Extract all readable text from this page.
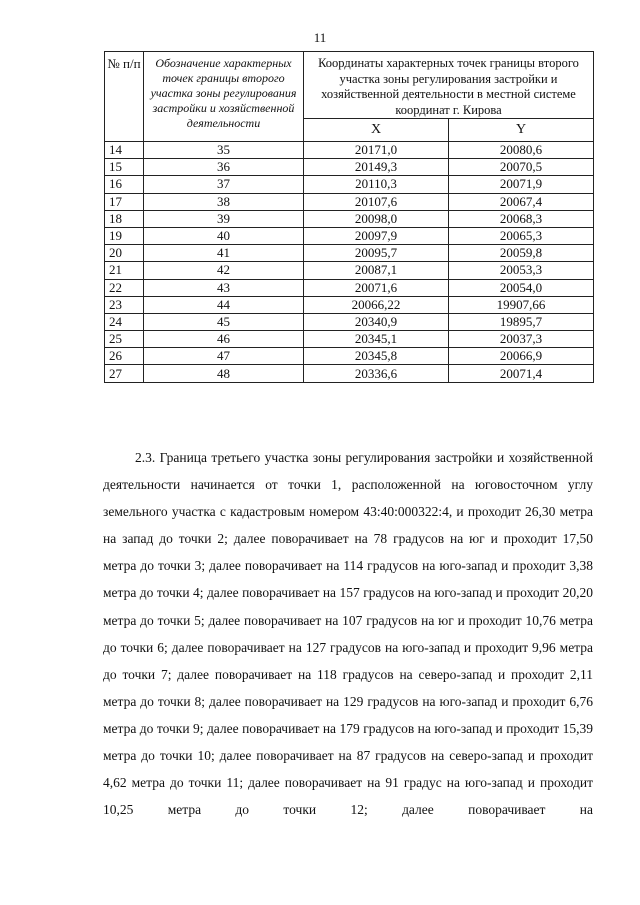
11
№ п/п	Обозначение характерных точек границы второго участка зоны регулирования застройки и хозяйственной деятельности	Координаты характерных точек границы второго участка зоны регулирования застройки и хозяйственной деятельности в местной системе координат г. Кирова	
		X	Y
14	35	20171,0	20080,6
15	36	20149,3	20070,5
16	37	20110,3	20071,9
17	38	20107,6	20067,4
18	39	20098,0	20068,3
19	40	20097,9	20065,3
20	41	20095,7	20059,8
21	42	20087,1	20053,3
22	43	20071,6	20054,0
23	44	20066,22	19907,66
24	45	20340,9	19895,7
25	46	20345,1	20037,3
26	47	20345,8	20066,9
27	48	20336,6	20071,4

2.3. Граница третьего участка зоны регулирования застройки и хозяйственной деятельности начинается от точки 1, расположенной на юговосточном углу земельного участка с кадастровым номером 43:40:000322:4, и проходит 26,30 метра на запад до точки 2; далее поворачивает на 78 градусов на юг и проходит 17,50 метра до точки 3; далее поворачивает на 114 градусов на юго-запад и проходит 3,38 метра до точки 4; далее поворачивает на 157 градусов на юго-запад и проходит 20,20 метра до точки 5; далее поворачивает на 107 градусов на юг и проходит 10,76 метра до точки 6; далее поворачивает на 127 градусов на юго-запад и проходит 9,96 метра до точки 7; далее поворачивает на 118 градусов на северо-запад и проходит 2,11 метра до точки 8; далее поворачивает на 129 градусов на юго-запад и проходит 6,76 метра до точки 9; далее поворачивает на 179 градусов на юго-запад и проходит 15,39 метра до точки 10; далее поворачивает на 87 градусов на северо-запад и проходит 4,62 метра до точки 11; далее поворачивает на 91 градус на юго-запад и проходит 10,25 метра до точки 12; далее поворачивает на
